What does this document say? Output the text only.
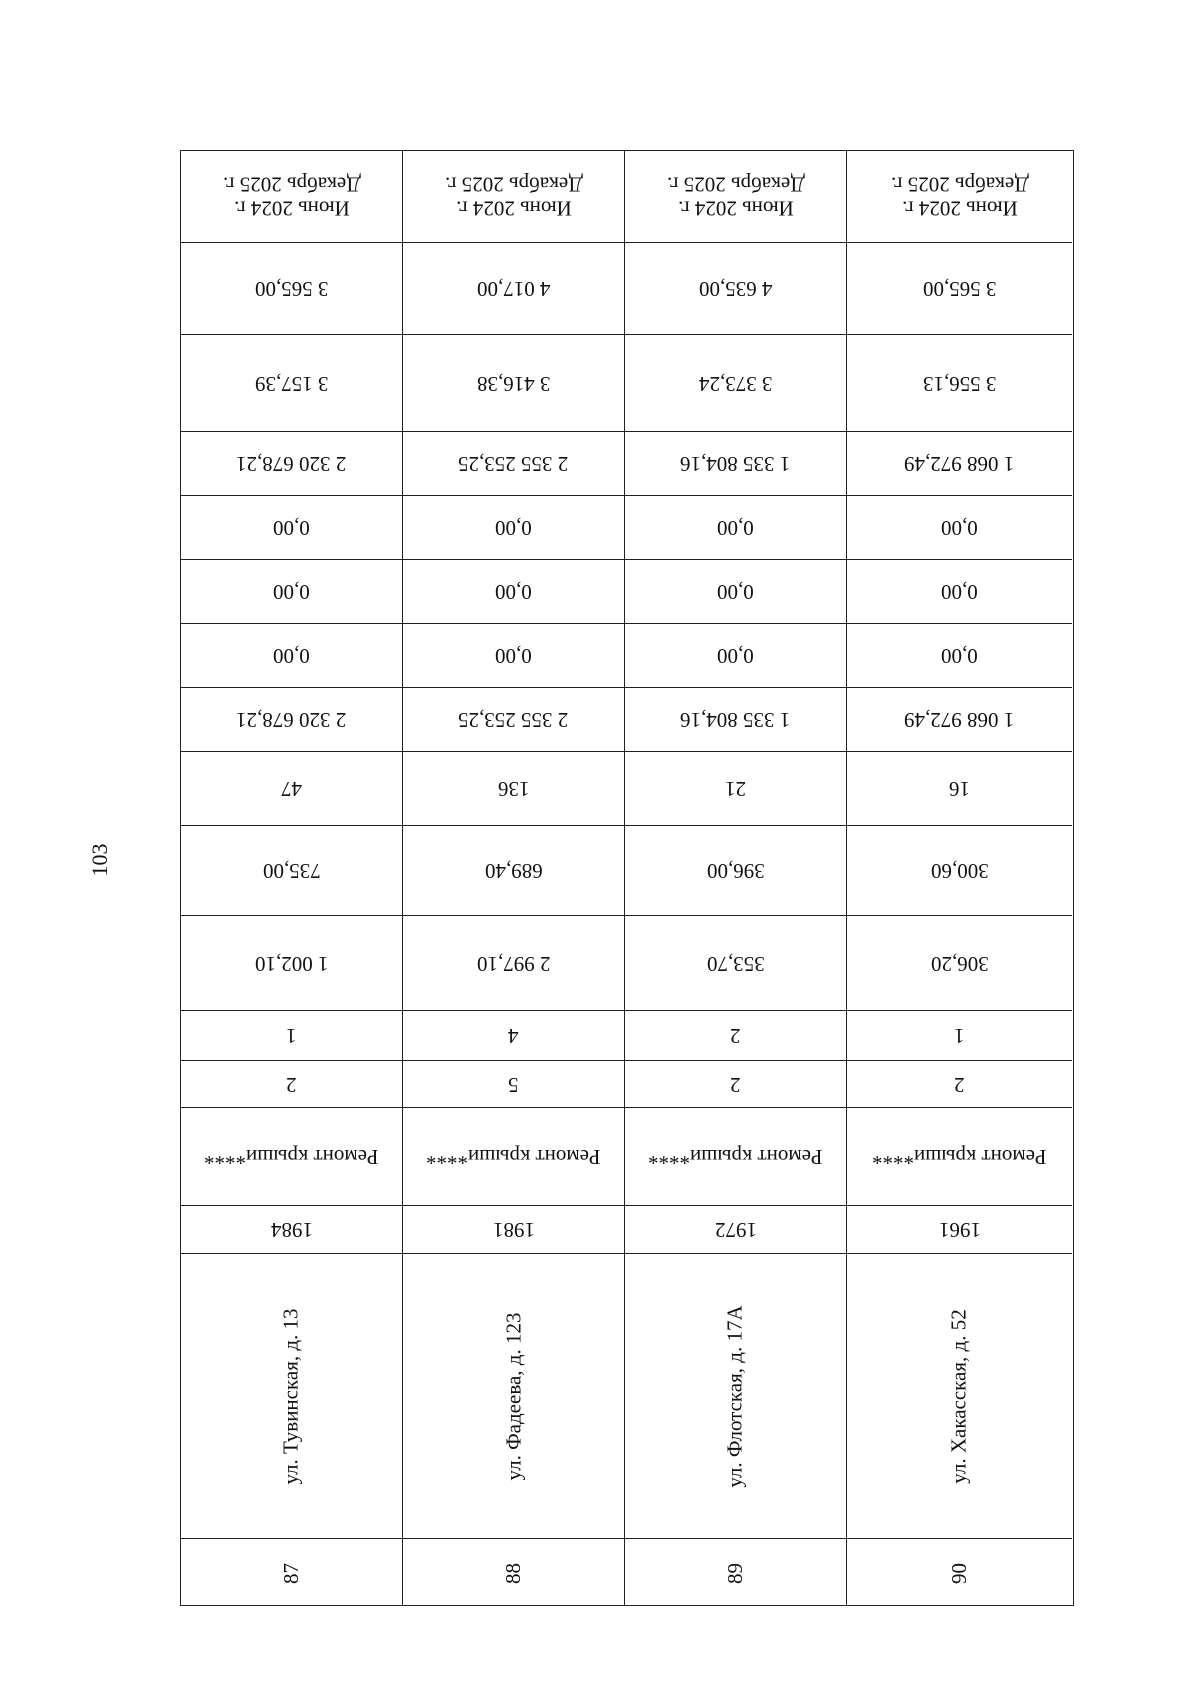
103
Июнь 2024 г.
Декабрь 2025 г.
3 565,00
3 157,39
2 320 678,21
0,00
0,00
0,00
2 320 678,21
47
735,00
1 002,10
1
2
Ремонт крыши****
1984
ул. Тувинская, д. 13
87
Июнь 2024 г.
Декабрь 2025 г.
4 017,00
3 416,38
2 355 253,25
0,00
0,00
0,00
2 355 253,25
136
689,40
2 997,10
4
5
Ремонт крыши****
1981
ул. Фадеева, д. 123
88
Июнь 2024 г.
Декабрь 2025 г.
4 635,00
3 373,24
1 335 804,16
0,00
0,00
0,00
1 335 804,16
21
396,00
353,70
2
2
Ремонт крыши****
1972
ул. Флотская, д. 17А
89
Июнь 2024 г.
Декабрь 2025 г.
3 565,00
3 556,13
1 068 972,49
0,00
0,00
0,00
1 068 972,49
16
300,60
306,20
1
2
Ремонт крыши****
1961
ул. Хакасская, д. 52
90
